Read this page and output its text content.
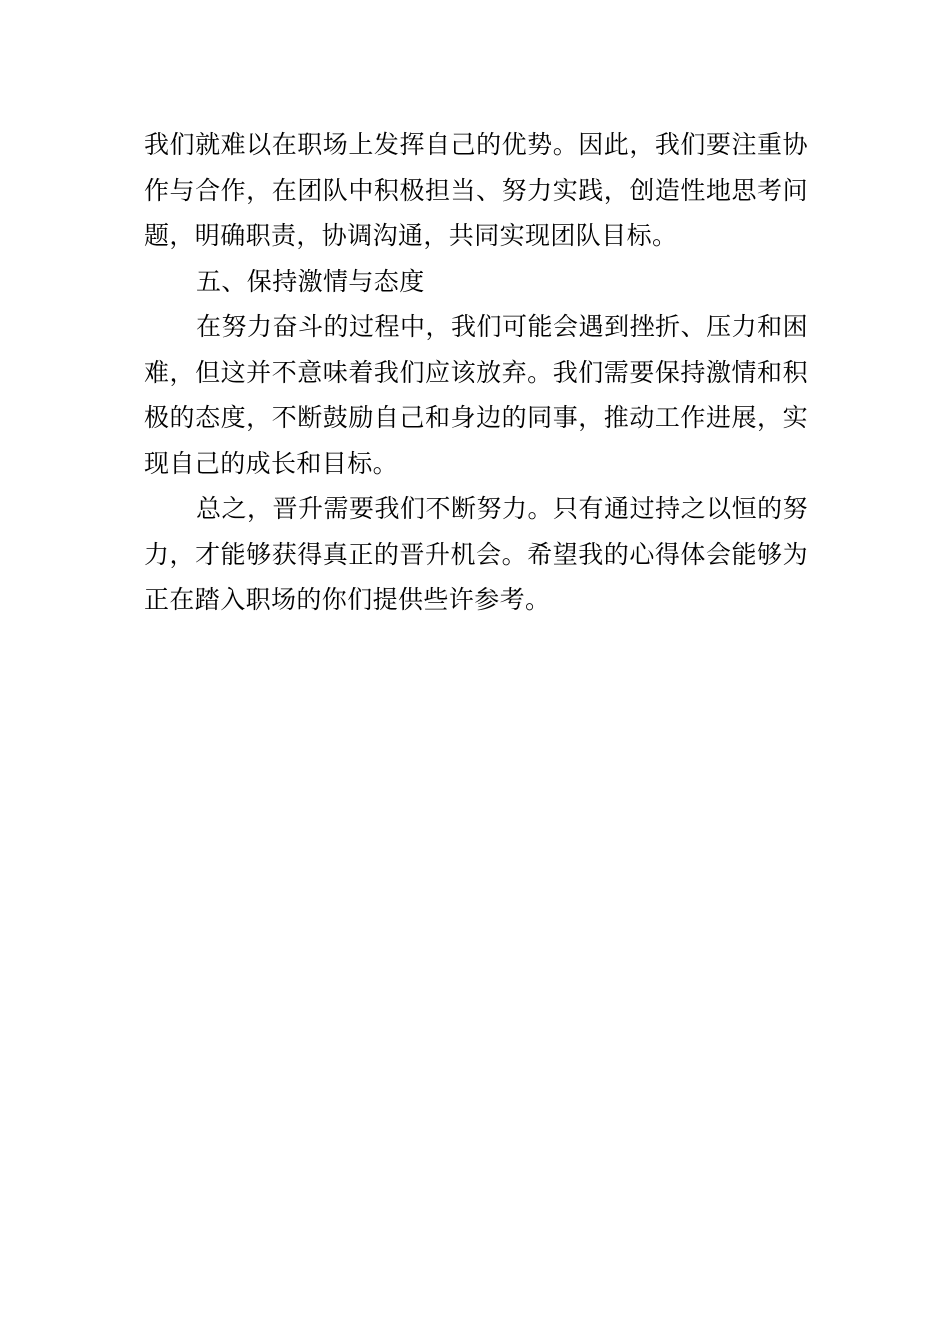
我们就难以在职场上发挥自己的优势。因此，我们要注重协作与合作，在团队中积极担当、努力实践，创造性地思考问题，明确职责，协调沟通，共同实现团队目标。

五、保持激情与态度

在努力奋斗的过程中，我们可能会遇到挫折、压力和困难，但这并不意味着我们应该放弃。我们需要保持激情和积极的态度，不断鼓励自己和身边的同事，推动工作进展，实现自己的成长和目标。

总之，晋升需要我们不断努力。只有通过持之以恒的努力，才能够获得真正的晋升机会。希望我的心得体会能够为正在踏入职场的你们提供些许参考。
